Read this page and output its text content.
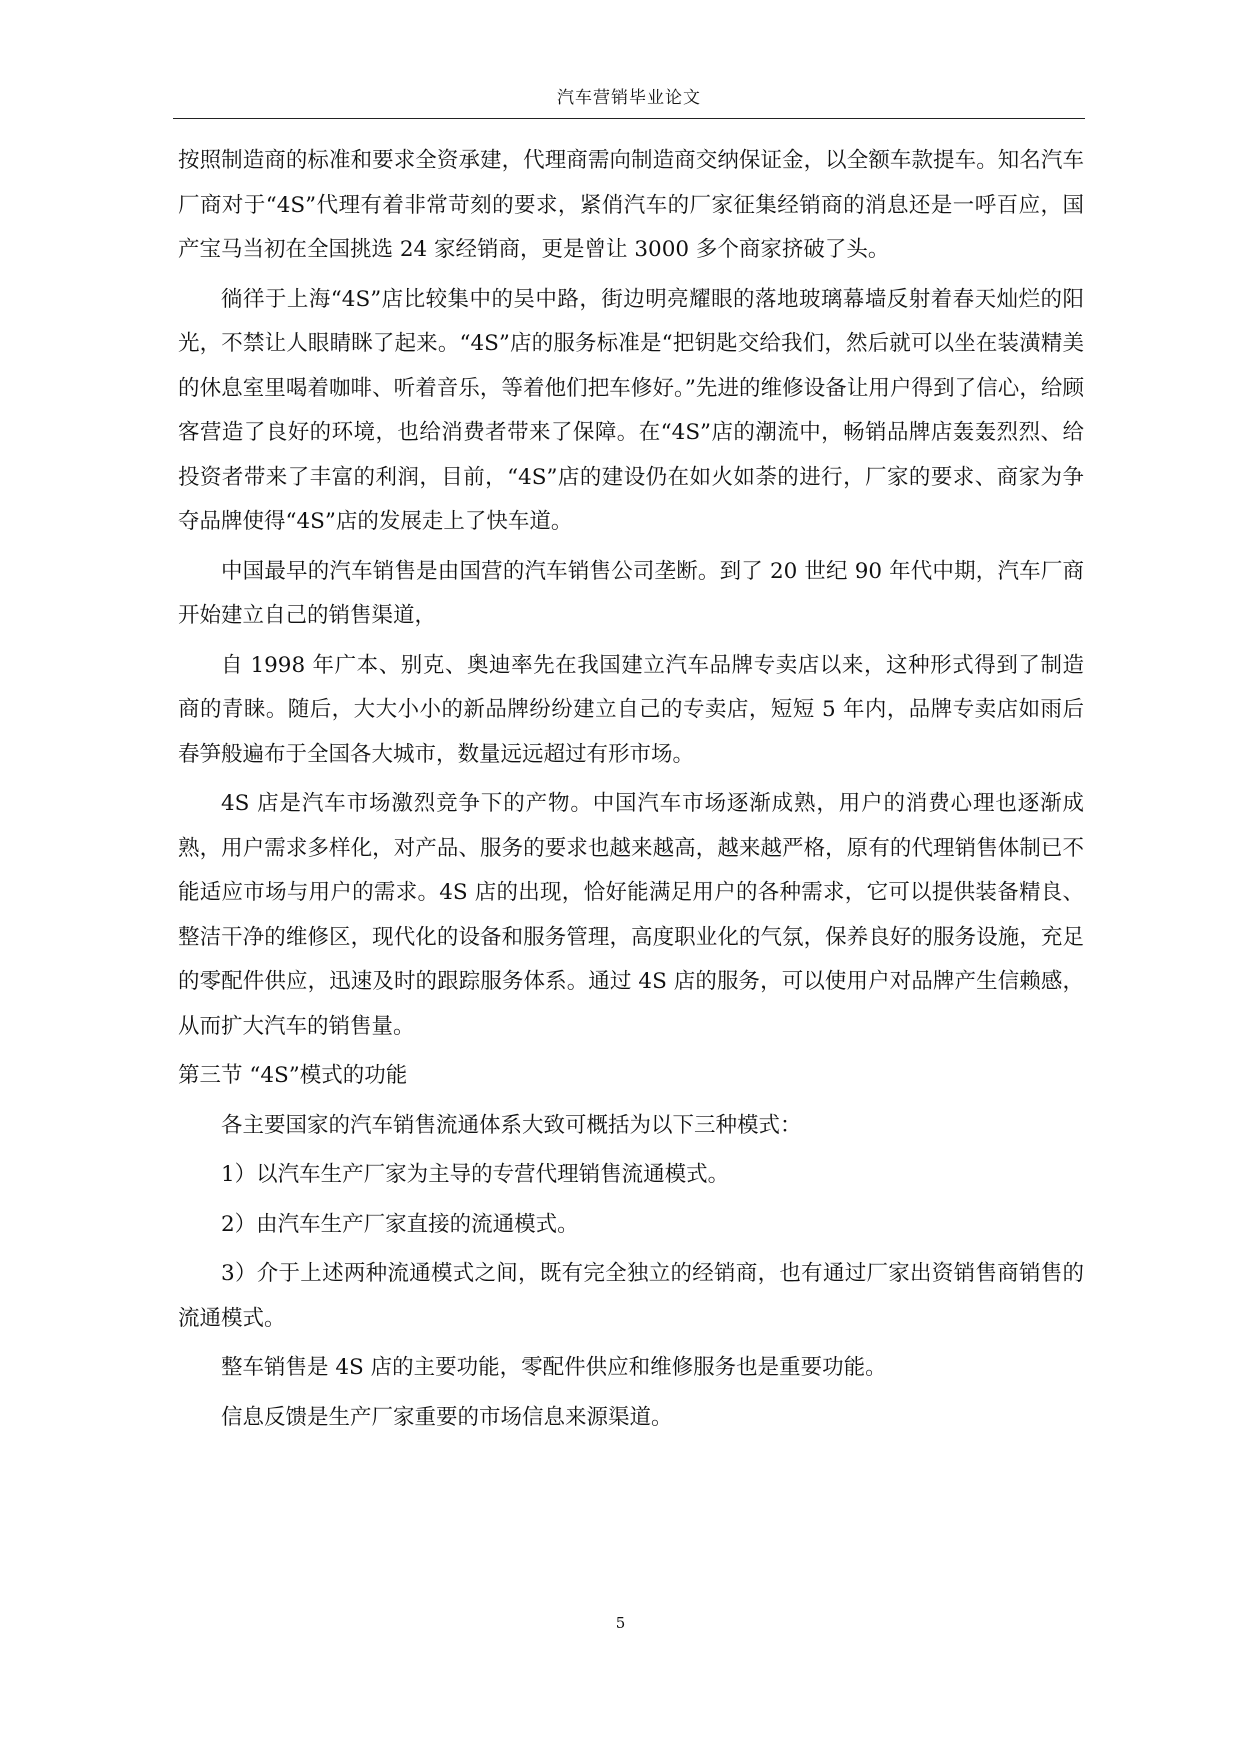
汽车营销毕业论文

按照制造商的标准和要求全资承建，代理商需向制造商交纳保证金，以全额车款提车。知名汽车厂商对于“4S”代理有着非常苛刻的要求，紧俏汽车的厂家征集经销商的消息还是一呼百应，国产宝马当初在全国挑选 24 家经销商，更是曾让 3000 多个商家挤破了头。

徜徉于上海“4S”店比较集中的吴中路，街边明亮耀眼的落地玻璃幕墙反射着春天灿烂的阳光，不禁让人眼睛眯了起来。“4S”店的服务标准是“把钥匙交给我们，然后就可以坐在装潢精美的休息室里喝着咖啡、听着音乐，等着他们把车修好。”先进的维修设备让用户得到了信心，给顾客营造了良好的环境，也给消费者带来了保障。在“4S”店的潮流中，畅销品牌店轰轰烈烈、给投资者带来了丰富的利润，目前，“4S”店的建设仍在如火如荼的进行，厂家的要求、商家为争夺品牌使得“4S”店的发展走上了快车道。

中国最早的汽车销售是由国营的汽车销售公司垄断。到了 20 世纪 90 年代中期，汽车厂商开始建立自己的销售渠道，

自 1998 年广本、别克、奥迪率先在我国建立汽车品牌专卖店以来，这种形式得到了制造商的青睐。随后，大大小小的新品牌纷纷建立自己的专卖店，短短 5 年内，品牌专卖店如雨后春笋般遍布于全国各大城市，数量远远超过有形市场。

4S 店是汽车市场激烈竞争下的产物。中国汽车市场逐渐成熟，用户的消费心理也逐渐成熟，用户需求多样化，对产品、服务的要求也越来越高，越来越严格，原有的代理销售体制已不能适应市场与用户的需求。4S 店的出现，恰好能满足用户的各种需求，它可以提供装备精良、整洁干净的维修区，现代化的设备和服务管理，高度职业化的气氛，保养良好的服务设施，充足的零配件供应，迅速及时的跟踪服务体系。通过 4S 店的服务，可以使用户对品牌产生信赖感，从而扩大汽车的销售量。

第三节 “4S”模式的功能

各主要国家的汽车销售流通体系大致可概括为以下三种模式：

1）以汽车生产厂家为主导的专营代理销售流通模式。

2）由汽车生产厂家直接的流通模式。

3）介于上述两种流通模式之间，既有完全独立的经销商，也有通过厂家出资销售商销售的流通模式。

整车销售是 4S 店的主要功能，零配件供应和维修服务也是重要功能。

信息反馈是生产厂家重要的市场信息来源渠道。

5
